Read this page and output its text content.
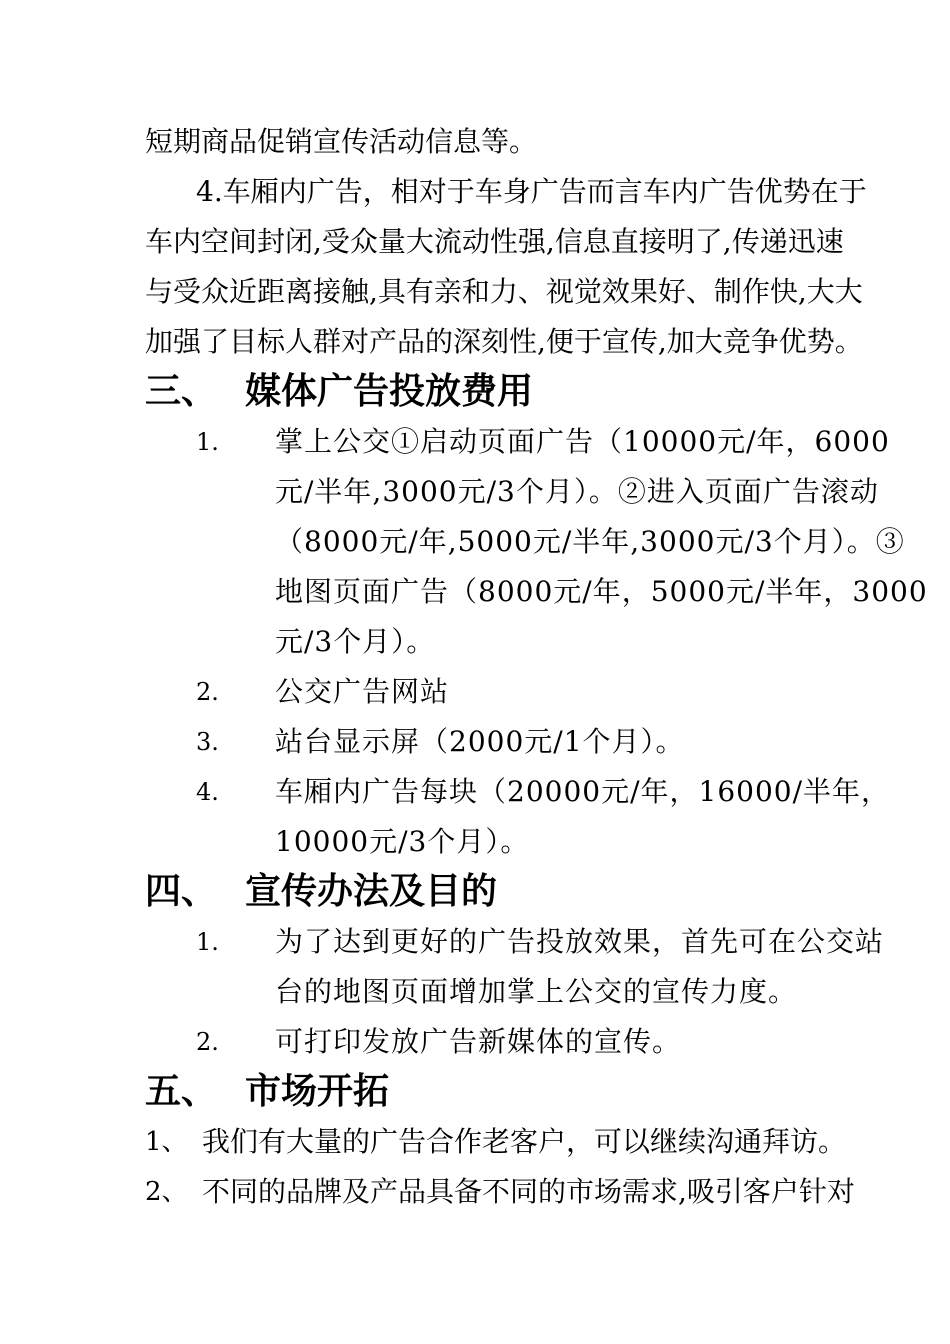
短期商品促销宣传活动信息等。
4.车厢内广告，相对于车身广告而言车内广告优势在于
车内空间封闭,受众量大流动性强,信息直接明了,传递迅速
与受众近距离接触,具有亲和力、视觉效果好、制作快,大大
加强了目标人群对产品的深刻性,便于宣传,加大竞争优势。
三、 媒体广告投放费用
1. 掌上公交①启动页面广告（10000元/年，6000
元/半年,3000元/3个月）。②进入页面广告滚动
（8000元/年,5000元/半年,3000元/3个月）。③
地图页面广告（8000元/年，5000元/半年，3000
元/3个月）。
2. 公交广告网站
3. 站台显示屏（2000元/1个月）。
4. 车厢内广告每块（20000元/年，16000/半年，
10000元/3个月）。
四、 宣传办法及目的
1. 为了达到更好的广告投放效果，首先可在公交站
台的地图页面增加掌上公交的宣传力度。
2. 可打印发放广告新媒体的宣传。
五、 市场开拓
1、 我们有大量的广告合作老客户，可以继续沟通拜访。
2、 不同的品牌及产品具备不同的市场需求,吸引客户针对
